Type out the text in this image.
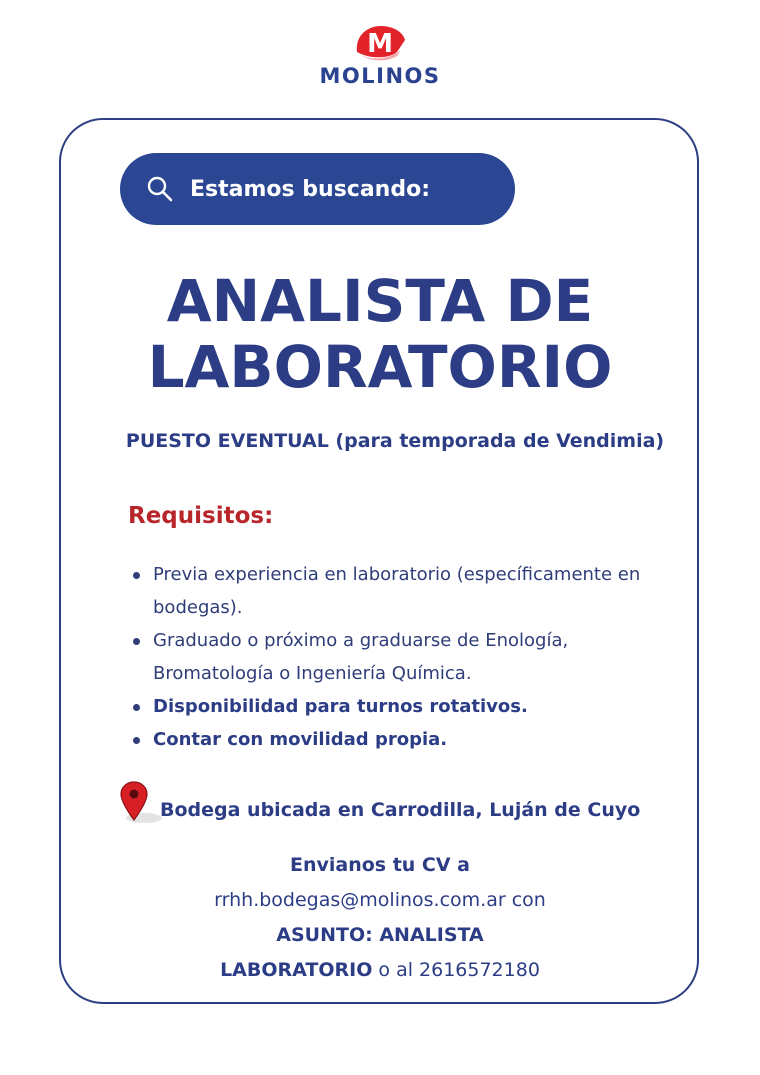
M
MOLINOS
Estamos buscando:
ANALISTA DE
LABORATORIO
PUESTO EVENTUAL (para temporada de Vendimia)
Requisitos:
Previa experiencia en laboratorio (específicamente en bodegas).
Graduado o próximo a graduarse de Enología, Bromatología o Ingeniería Química.
Disponibilidad para turnos rotativos.
Contar con movilidad propia.
Bodega ubicada en Carrodilla, Luján de Cuyo
Envianos tu CV a
rrhh.bodegas@molinos.com.ar con
ASUNTO: ANALISTA
LABORATORIO o al 2616572180
